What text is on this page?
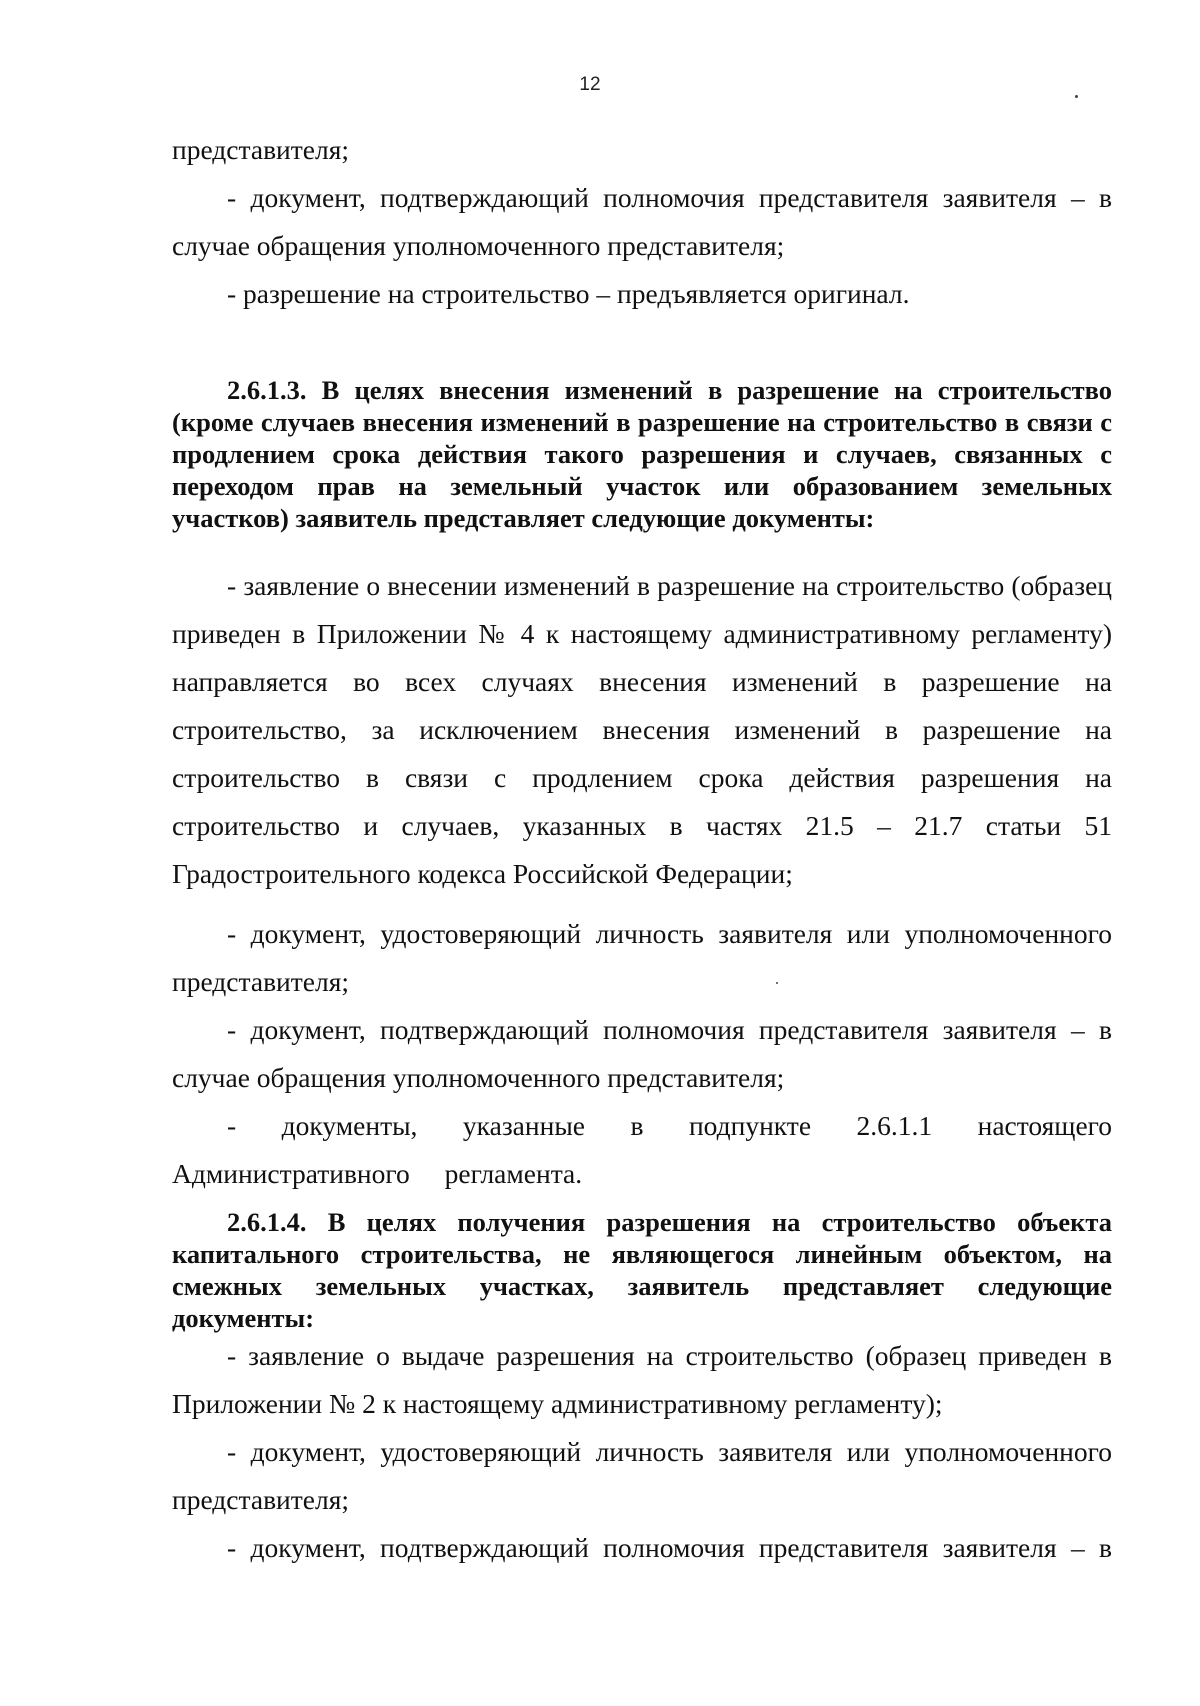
12
представителя;
- документ, подтверждающий полномочия представителя заявителя – в случае обращения уполномоченного представителя;
- разрешение на строительство – предъявляется оригинал.
2.6.1.3. В целях внесения изменений в разрешение на строительство (кроме случаев внесения изменений в разрешение на строительство в связи с продлением срока действия такого разрешения и случаев, связанных с переходом прав на земельный участок или образованием земельных участков) заявитель представляет следующие документы:
- заявление о внесении изменений в разрешение на строительство (образец приведен в Приложении № 4 к настоящему административному регламенту) направляется во всех случаях внесения изменений в разрешение на строительство, за исключением внесения изменений в разрешение на строительство в связи с продлением срока действия разрешения на строительство и случаев, указанных в частях 21.5 – 21.7 статьи 51 Градостроительного кодекса Российской Федерации;
- документ, удостоверяющий личность заявителя или уполномоченного представителя;
- документ, подтверждающий полномочия представителя заявителя – в случае обращения уполномоченного представителя;
- документы, указанные в подпункте 2.6.1.1 настоящего Административного регламента.
2.6.1.4. В целях получения разрешения на строительство объекта капитального строительства, не являющегося линейным объектом, на смежных земельных участках, заявитель представляет следующие документы:
- заявление о выдаче разрешения на строительство (образец приведен в Приложении № 2 к настоящему административному регламенту);
- документ, удостоверяющий личность заявителя или уполномоченного представителя;
- документ, подтверждающий полномочия представителя заявителя – в
